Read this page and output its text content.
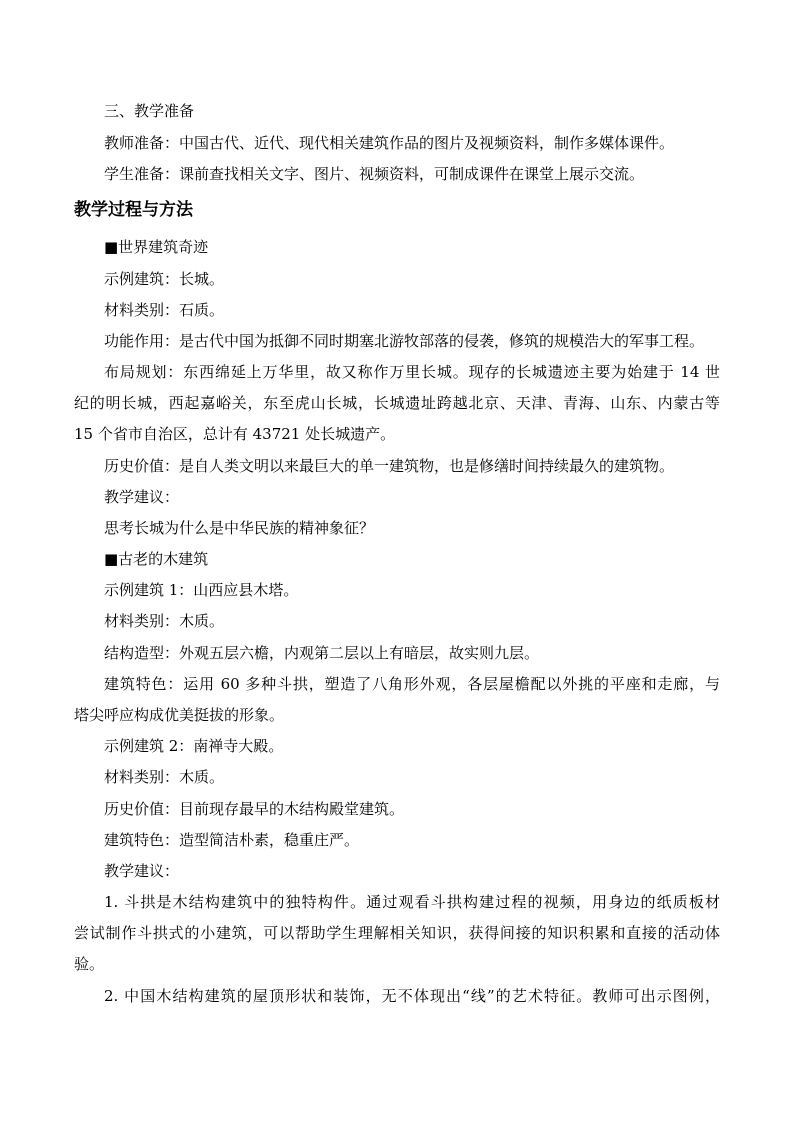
三、教学准备
教师准备：中国古代、近代、现代相关建筑作品的图片及视频资料，制作多媒体课件。
学生准备：课前查找相关文字、图片、视频资料，可制成课件在课堂上展示交流。
教学过程与方法
■世界建筑奇迹
示例建筑：长城。
材料类别：石质。
功能作用：是古代中国为抵御不同时期塞北游牧部落的侵袭，修筑的规模浩大的军事工程。
布局规划：东西绵延上万华里，故又称作万里长城。现存的长城遗迹主要为始建于 14 世
纪的明长城，西起嘉峪关，东至虎山长城，长城遗址跨越北京、天津、青海、山东、内蒙古等
15 个省市自治区，总计有 43721 处长城遗产。
历史价值：是自人类文明以来最巨大的单一建筑物，也是修缮时间持续最久的建筑物。
教学建议：
思考长城为什么是中华民族的精神象征？
■古老的木建筑
示例建筑 1：山西应县木塔。
材料类别：木质。
结构造型：外观五层六檐，内观第二层以上有暗层，故实则九层。
建筑特色：运用 60 多种斗拱，塑造了八角形外观，各层屋檐配以外挑的平座和走廊，与
塔尖呼应构成优美挺拔的形象。
示例建筑 2：南禅寺大殿。
材料类别：木质。
历史价值：目前现存最早的木结构殿堂建筑。
建筑特色：造型简洁朴素，稳重庄严。
教学建议：
1. 斗拱是木结构建筑中的独特构件。通过观看斗拱构建过程的视频，用身边的纸质板材
尝试制作斗拱式的小建筑，可以帮助学生理解相关知识，获得间接的知识积累和直接的活动体
验。
2. 中国木结构建筑的屋顶形状和装饰，无不体现出“线”的艺术特征。教师可出示图例，
